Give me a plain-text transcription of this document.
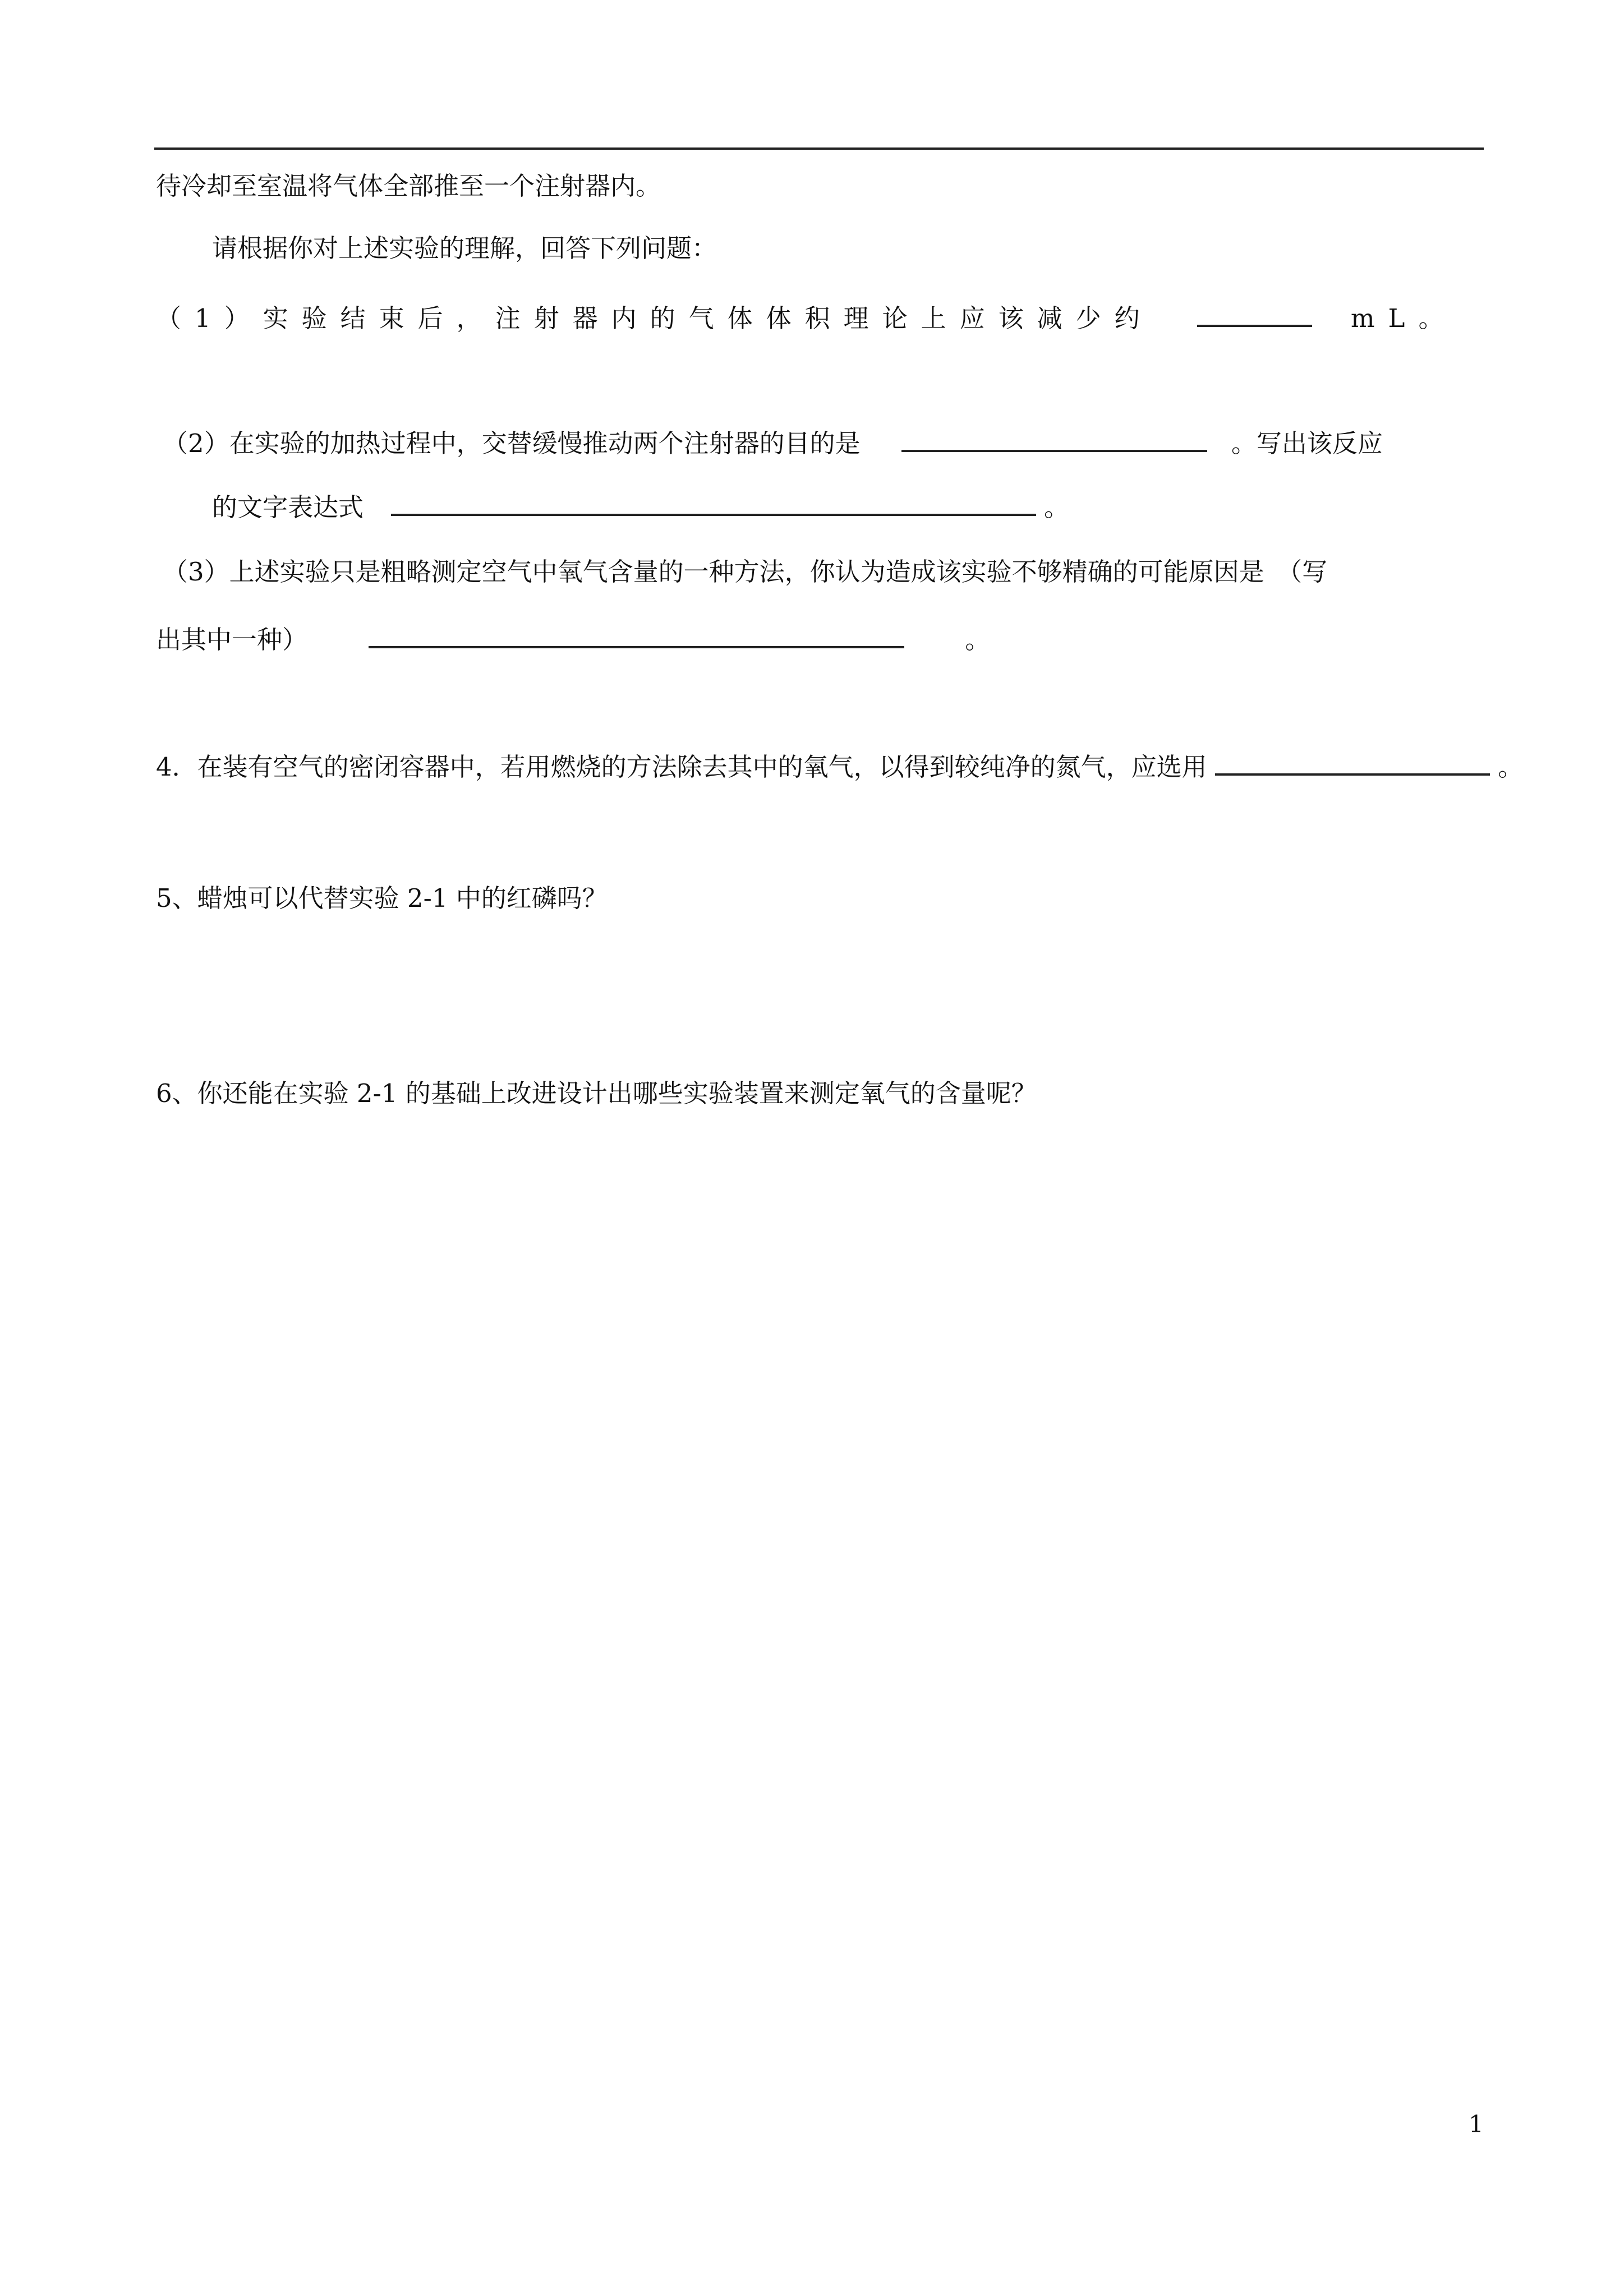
待冷却至室温将气体全部推至一个注射器内。
请根据你对上述实验的理解，回答下列问题：
（1）实验结束后，注射器内的气体体积理论上应该减少约	mL。
（2）在实验的加热过程中，交替缓慢推动两个注射器的目的是	。写出该反应
的文字表达式	。
（3）上述实验只是粗略测定空气中氧气含量的一种方法，你认为造成该实验不够精确的可能原因是　（写
出其中一种）	。
4．在装有空气的密闭容器中，若用燃烧的方法除去其中的氧气，以得到较纯净的氮气，应选用	。
5、蜡烛可以代替实验 2-1 中的红磷吗？
6、你还能在实验 2-1 的基础上改进设计出哪些实验装置来测定氧气的含量呢？
1
